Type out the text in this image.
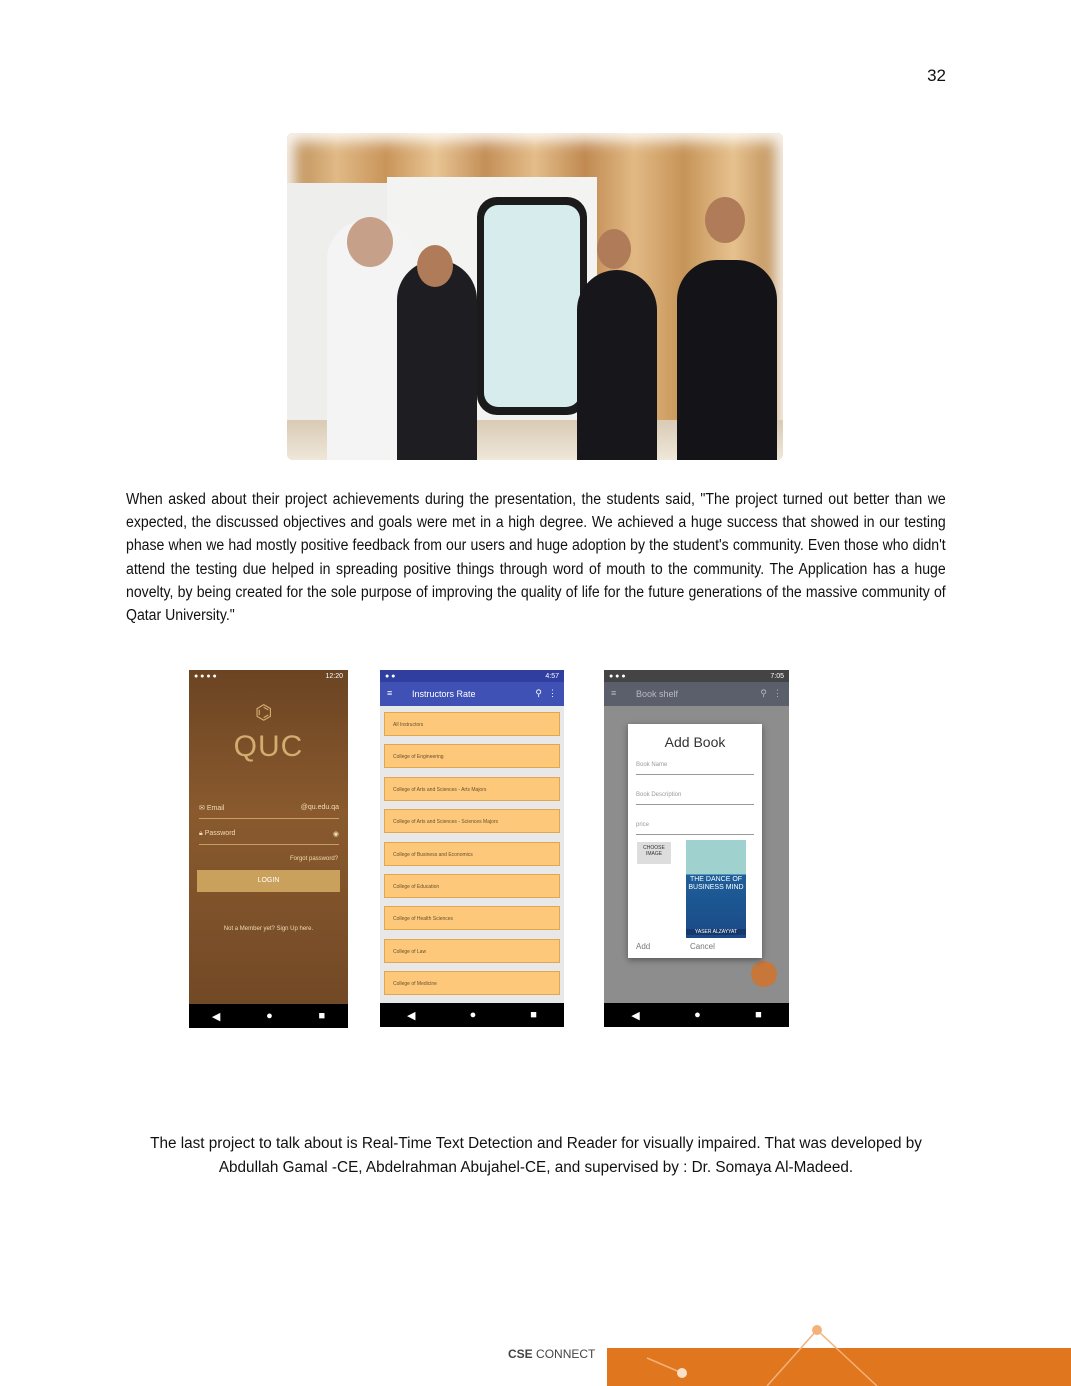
32
When asked about their project achievements during the presentation, the students said, "The project turned out better than we expected, the discussed objectives and goals were met in a high degree. We achieved a huge success that showed in our testing phase when we had mostly positive feedback from our users and huge adoption by the student's community. Even those who didn't attend the testing due helped in spreading positive things through word of mouth to the community. The Application has a huge novelty, by being created for the sole purpose of improving the quality of life for the future generations of the massive community of Qatar University."
● ● ● ●	12:20
⌬
QUC
✉ Email	@qu.edu.qa
🔒︎ Password	◉
Forgot password?
LOGIN
Not a Member yet? Sign Up here.
◀	●	■
● ●	4:57
≡ Instructors Rate	⚲ ⋮
All Instructors
College of Engineering
College of Arts and Sciences - Arts Majors
College of Arts and Sciences - Sciences Majors
College of Business and Economics
College of Education
College of Health Sciences
College of Law
College of Medicine
◀	●	■
● ● ●	7:05
≡ Book shelf	⚲ ⋮
Add Book
Book Name
Book Description
price
CHOOSE IMAGE
THE DANCE OF BUSINESS MIND
YASER ALZAYYAT
Add	Cancel
◀	●	■
The last project to talk about is Real-Time Text Detection and Reader for visually impaired. That was developed by Abdullah Gamal -CE, Abdelrahman Abujahel-CE, and supervised by : Dr. Somaya Al-Madeed.
CSE CONNECT
